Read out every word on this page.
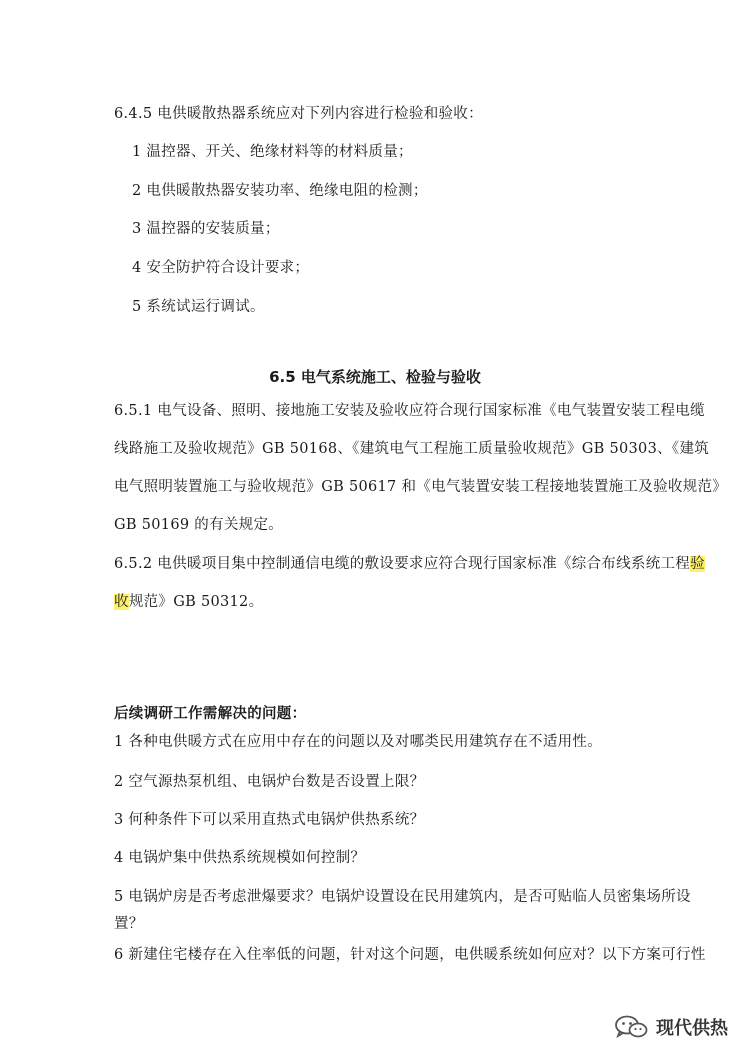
6.4.5 电供暖散热器系统应对下列内容进行检验和验收：
1 温控器、开关、绝缘材料等的材料质量；
2 电供暖散热器安装功率、绝缘电阻的检测；
3 温控器的安装质量；
4 安全防护符合设计要求；
5 系统试运行调试。
6.5 电气系统施工、检验与验收
6.5.1 电气设备、照明、接地施工安装及验收应符合现行国家标准《电气装置安装工程电缆
线路施工及验收规范》GB 50168、《建筑电气工程施工质量验收规范》GB 50303、《建筑
电气照明装置施工与验收规范》GB 50617 和《电气装置安装工程接地装置施工及验收规范》
GB 50169 的有关规定。
6.5.2 电供暖项目集中控制通信电缆的敷设要求应符合现行国家标准《综合布线系统工程验
收规范》GB 50312。
后续调研工作需解决的问题：
1 各种电供暖方式在应用中存在的问题以及对哪类民用建筑存在不适用性。
2 空气源热泵机组、电锅炉台数是否设置上限？
3 何种条件下可以采用直热式电锅炉供热系统？
4 电锅炉集中供热系统规模如何控制？
5 电锅炉房是否考虑泄爆要求？电锅炉设置设在民用建筑内，是否可贴临人员密集场所设
置？
6 新建住宅楼存在入住率低的问题，针对这个问题，电供暖系统如何应对？以下方案可行性
现代供热
